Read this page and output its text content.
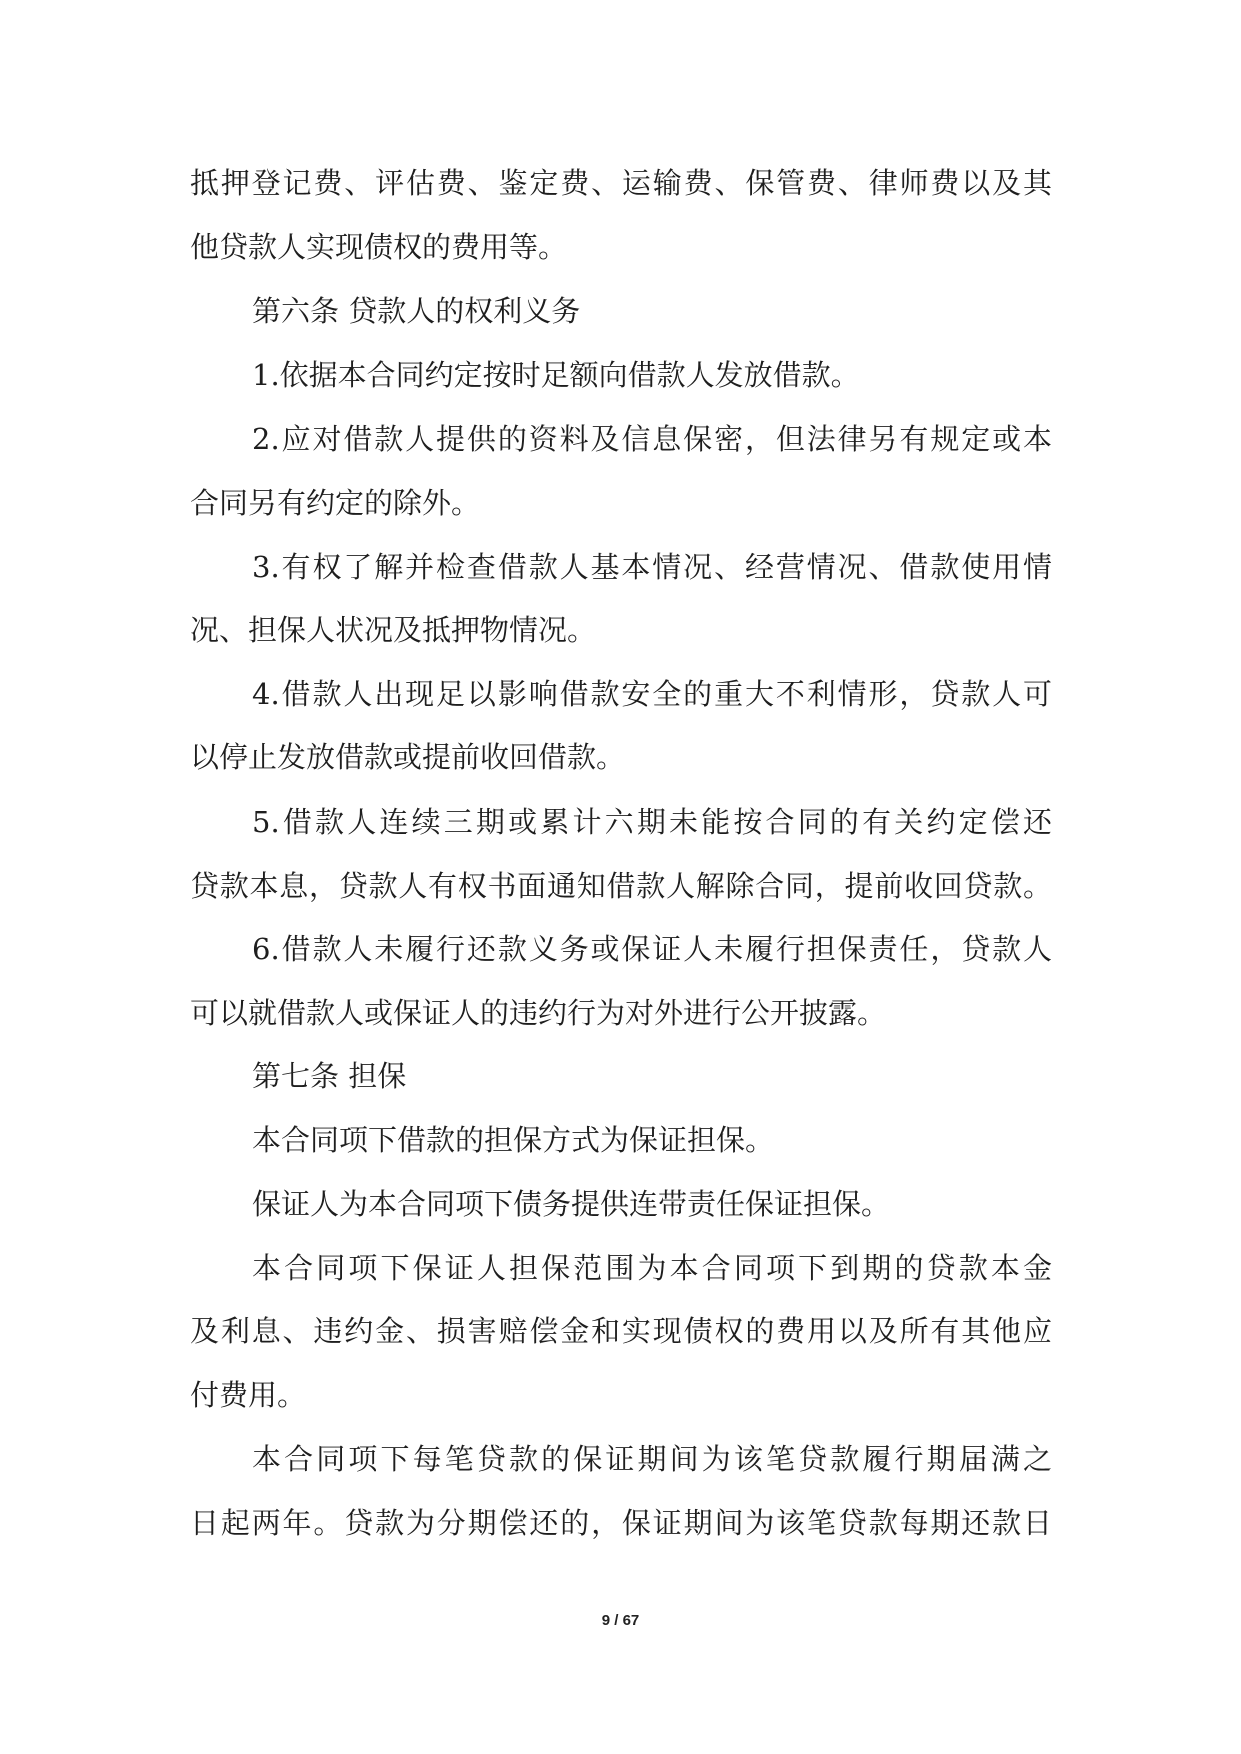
抵押登记费、评估费、鉴定费、运输费、保管费、律师费以及其
他贷款人实现债权的费用等。
第六条 贷款人的权利义务
1.依据本合同约定按时足额向借款人发放借款。
2.应对借款人提供的资料及信息保密，但法律另有规定或本
合同另有约定的除外。
3.有权了解并检查借款人基本情况、经营情况、借款使用情
况、担保人状况及抵押物情况。
4.借款人出现足以影响借款安全的重大不利情形，贷款人可
以停止发放借款或提前收回借款。
5.借款人连续三期或累计六期未能按合同的有关约定偿还
贷款本息，贷款人有权书面通知借款人解除合同，提前收回贷款。
6.借款人未履行还款义务或保证人未履行担保责任，贷款人
可以就借款人或保证人的违约行为对外进行公开披露。
第七条 担保
本合同项下借款的担保方式为保证担保。
保证人为本合同项下债务提供连带责任保证担保。
本合同项下保证人担保范围为本合同项下到期的贷款本金
及利息、违约金、损害赔偿金和实现债权的费用以及所有其他应
付费用。
本合同项下每笔贷款的保证期间为该笔贷款履行期届满之
日起两年。贷款为分期偿还的，保证期间为该笔贷款每期还款日
9 / 67
